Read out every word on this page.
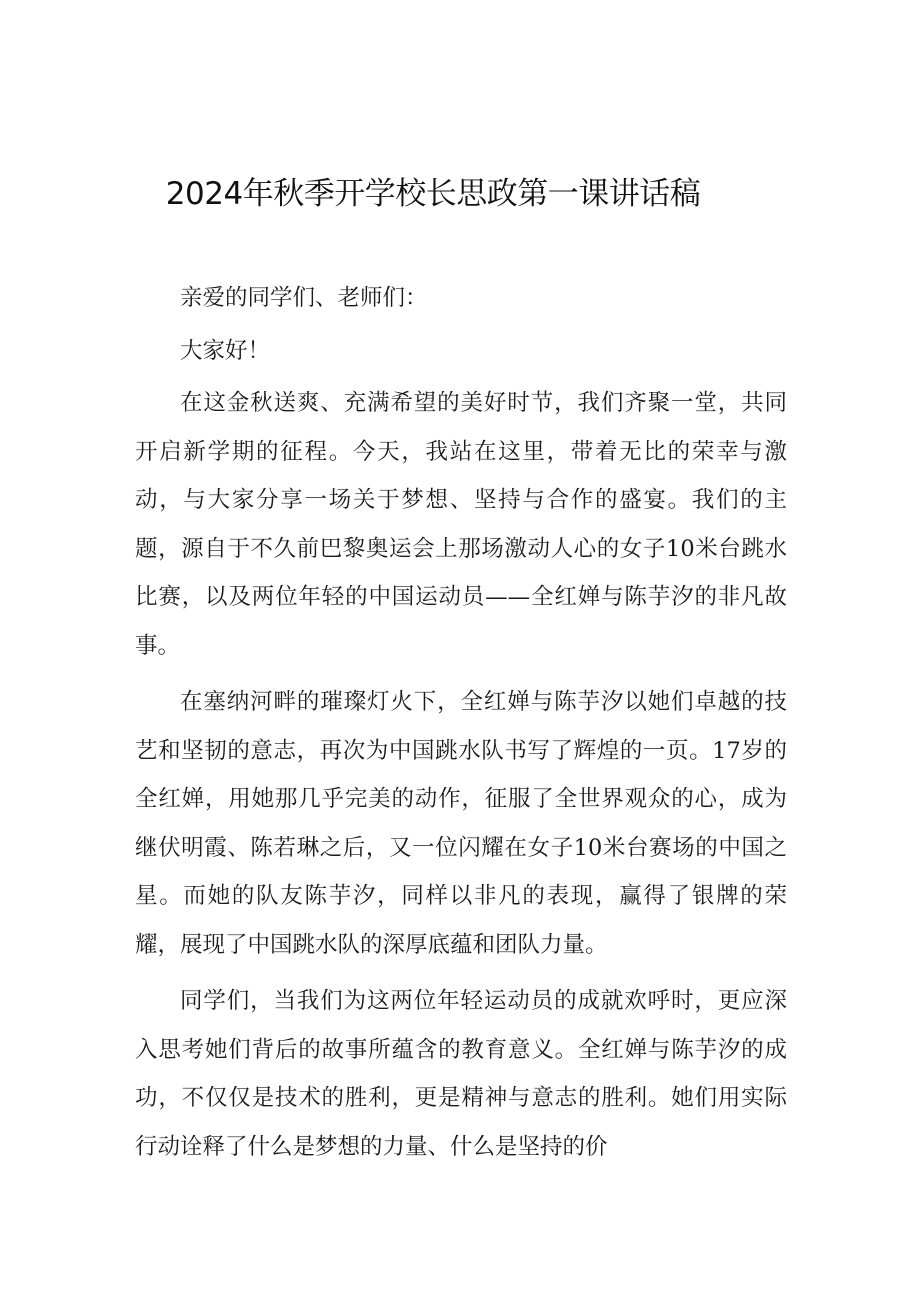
2024年秋季开学校长思政第一课讲话稿

亲爱的同学们、老师们：

大家好！

在这金秋送爽、充满希望的美好时节，我们齐聚一堂，共同开启新学期的征程。今天，我站在这里，带着无比的荣幸与激动，与大家分享一场关于梦想、坚持与合作的盛宴。我们的主题，源自于不久前巴黎奥运会上那场激动人心的女子10米台跳水比赛，以及两位年轻的中国运动员——全红婵与陈芋汐的非凡故事。

在塞纳河畔的璀璨灯火下，全红婵与陈芋汐以她们卓越的技艺和坚韧的意志，再次为中国跳水队书写了辉煌的一页。17岁的全红婵，用她那几乎完美的动作，征服了全世界观众的心，成为继伏明霞、陈若琳之后，又一位闪耀在女子10米台赛场的中国之星。而她的队友陈芋汐，同样以非凡的表现，赢得了银牌的荣耀，展现了中国跳水队的深厚底蕴和团队力量。

同学们，当我们为这两位年轻运动员的成就欢呼时，更应深入思考她们背后的故事所蕴含的教育意义。全红婵与陈芋汐的成功，不仅仅是技术的胜利，更是精神与意志的胜利。她们用实际行动诠释了什么是梦想的力量、什么是坚持的价
